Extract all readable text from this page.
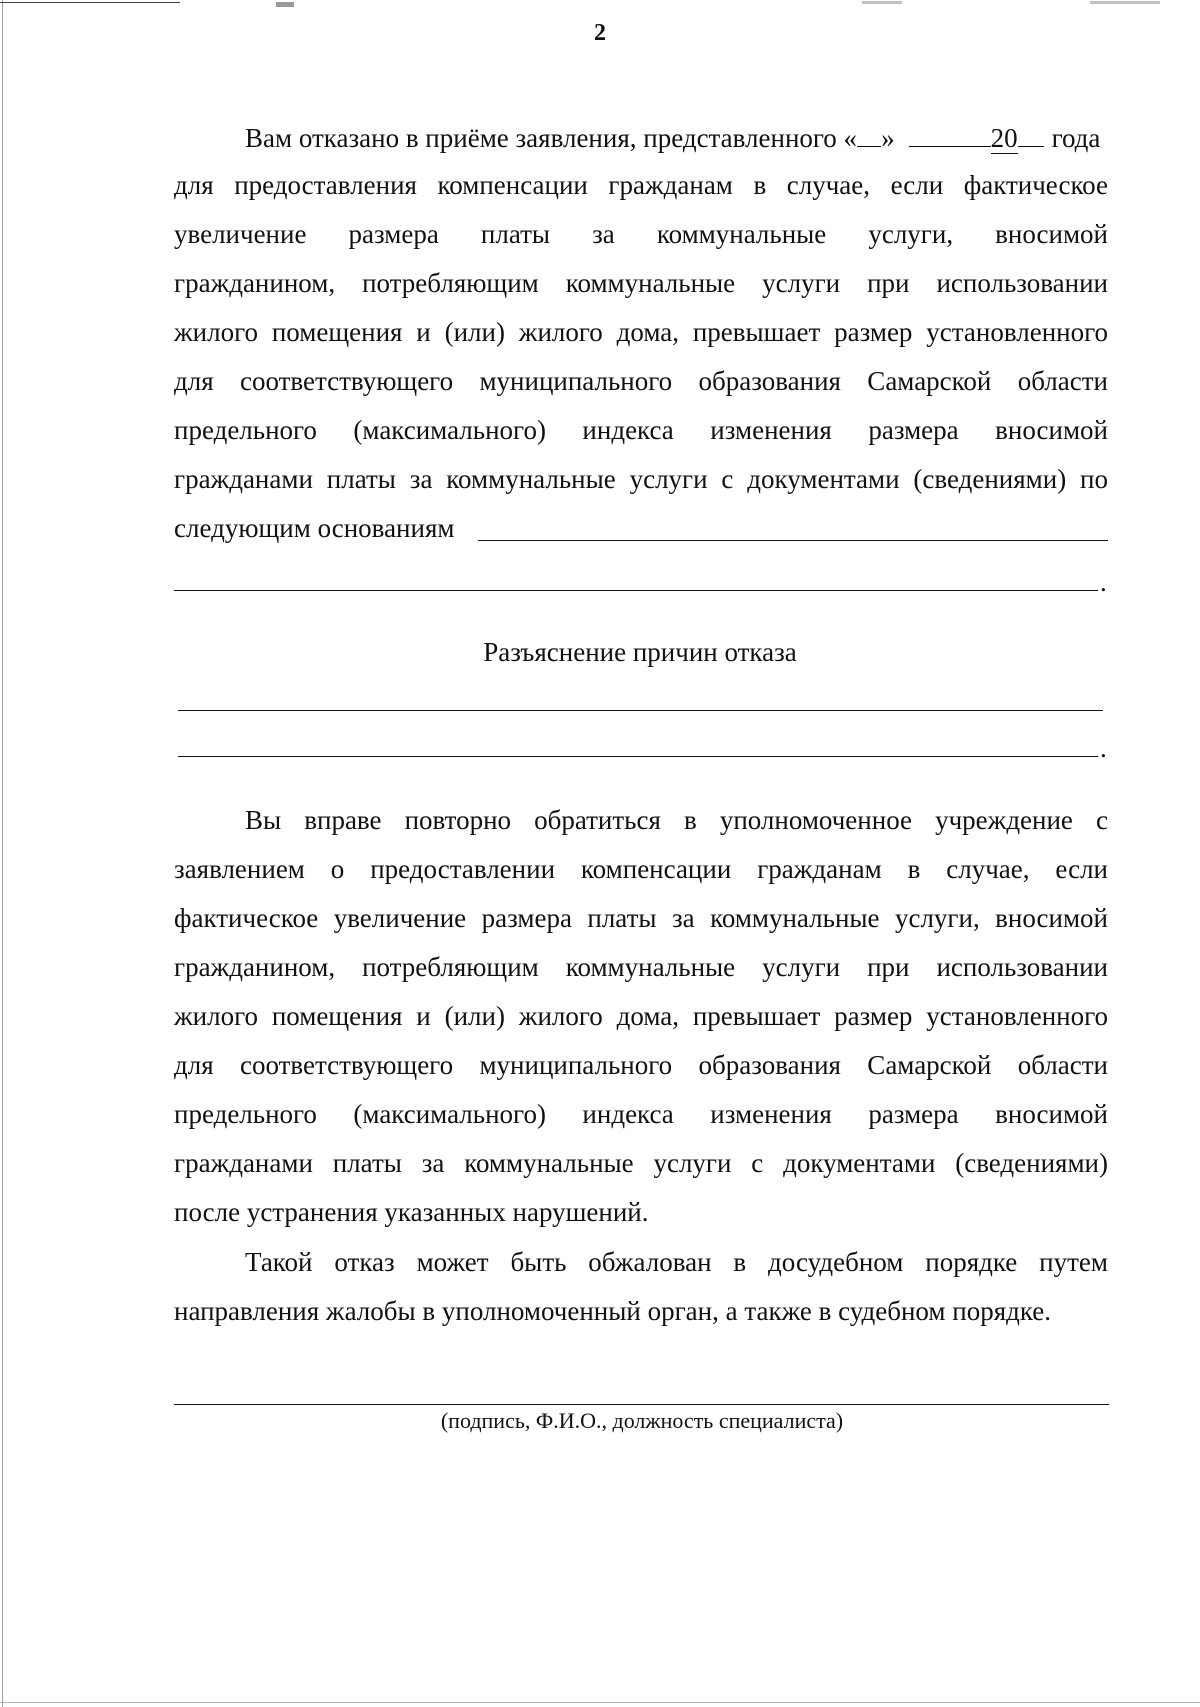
2
Вам отказано в приёме заявления, представленного « »	20 года
для предоставления компенсации гражданам в случае, если фактическое
увеличение размера платы за коммунальные услуги, вносимой
гражданином, потребляющим коммунальные услуги при использовании
жилого помещения и (или) жилого дома, превышает размер установленного
для соответствующего муниципального образования Самарской области
предельного (максимального) индекса изменения размера вносимой
гражданами платы за коммунальные услуги с документами (сведениями) по
следующим основаниям
.
Разъяснение причин отказа
.
Вы вправе повторно обратиться в уполномоченное учреждение с
заявлением о предоставлении компенсации гражданам в случае, если
фактическое увеличение размера платы за коммунальные услуги, вносимой
гражданином, потребляющим коммунальные услуги при использовании
жилого помещения и (или) жилого дома, превышает размер установленного
для соответствующего муниципального образования Самарской области
предельного (максимального) индекса изменения размера вносимой
гражданами платы за коммунальные услуги с документами (сведениями)
после устранения указанных нарушений.
Такой отказ может быть обжалован в досудебном порядке путем
направления жалобы в уполномоченный орган, а также в судебном порядке.
(подпись, Ф.И.О., должность специалиста)
